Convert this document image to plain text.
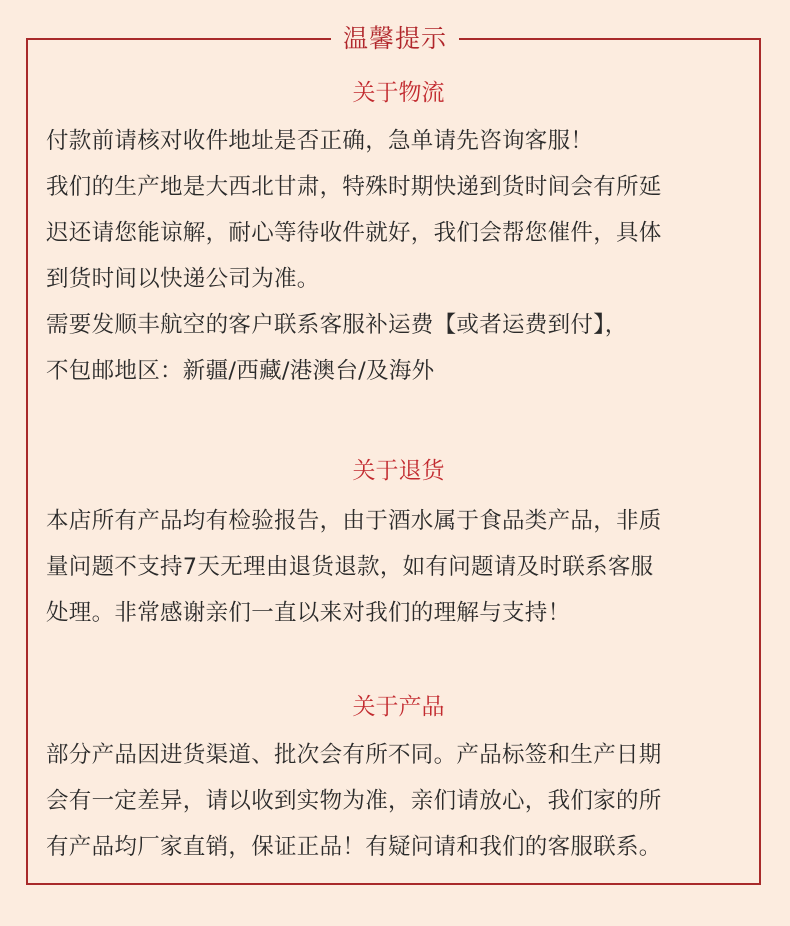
温馨提示
关于物流
付款前请核对收件地址是否正确，急单请先咨询客服！
我们的生产地是大西北甘肃，特殊时期快递到货时间会有所延
迟还请您能谅解，耐心等待收件就好，我们会帮您催件，具体
到货时间以快递公司为准。
需要发顺丰航空的客户联系客服补运费【或者运费到付】，
不包邮地区：新疆/西藏/港澳台/及海外
关于退货
本店所有产品均有检验报告，由于酒水属于食品类产品，非质
量问题不支持7天无理由退货退款，如有问题请及时联系客服
处理。非常感谢亲们一直以来对我们的理解与支持！
关于产品
部分产品因进货渠道、批次会有所不同。产品标签和生产日期
会有一定差异，请以收到实物为准，亲们请放心，我们家的所
有产品均厂家直销，保证正品！有疑问请和我们的客服联系。
